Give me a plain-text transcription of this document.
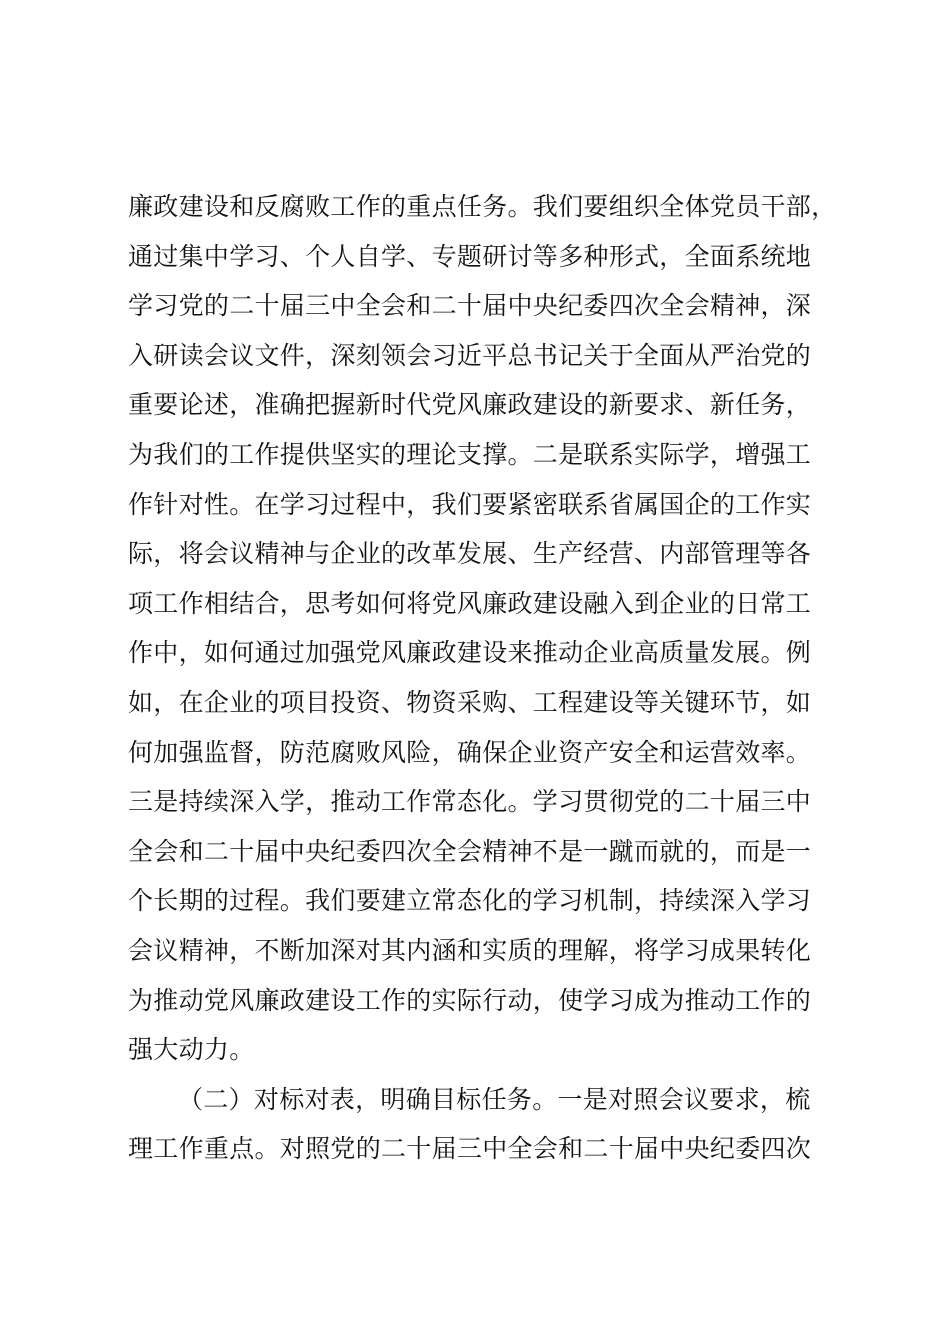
廉政建设和反腐败工作的重点任务。我们要组织全体党员干部，
通过集中学习、个人自学、专题研讨等多种形式，全面系统地
学习党的二十届三中全会和二十届中央纪委四次全会精神，深
入研读会议文件，深刻领会习近平总书记关于全面从严治党的
重要论述，准确把握新时代党风廉政建设的新要求、新任务，
为我们的工作提供坚实的理论支撑。二是联系实际学，增强工
作针对性。在学习过程中，我们要紧密联系省属国企的工作实
际，将会议精神与企业的改革发展、生产经营、内部管理等各
项工作相结合，思考如何将党风廉政建设融入到企业的日常工
作中，如何通过加强党风廉政建设来推动企业高质量发展。例
如，在企业的项目投资、物资采购、工程建设等关键环节，如
何加强监督，防范腐败风险，确保企业资产安全和运营效率。
三是持续深入学，推动工作常态化。学习贯彻党的二十届三中
全会和二十届中央纪委四次全会精神不是一蹴而就的，而是一
个长期的过程。我们要建立常态化的学习机制，持续深入学习
会议精神，不断加深对其内涵和实质的理解，将学习成果转化
为推动党风廉政建设工作的实际行动，使学习成为推动工作的
强大动力。
（二）对标对表，明确目标任务。一是对照会议要求，梳
理工作重点。对照党的二十届三中全会和二十届中央纪委四次
